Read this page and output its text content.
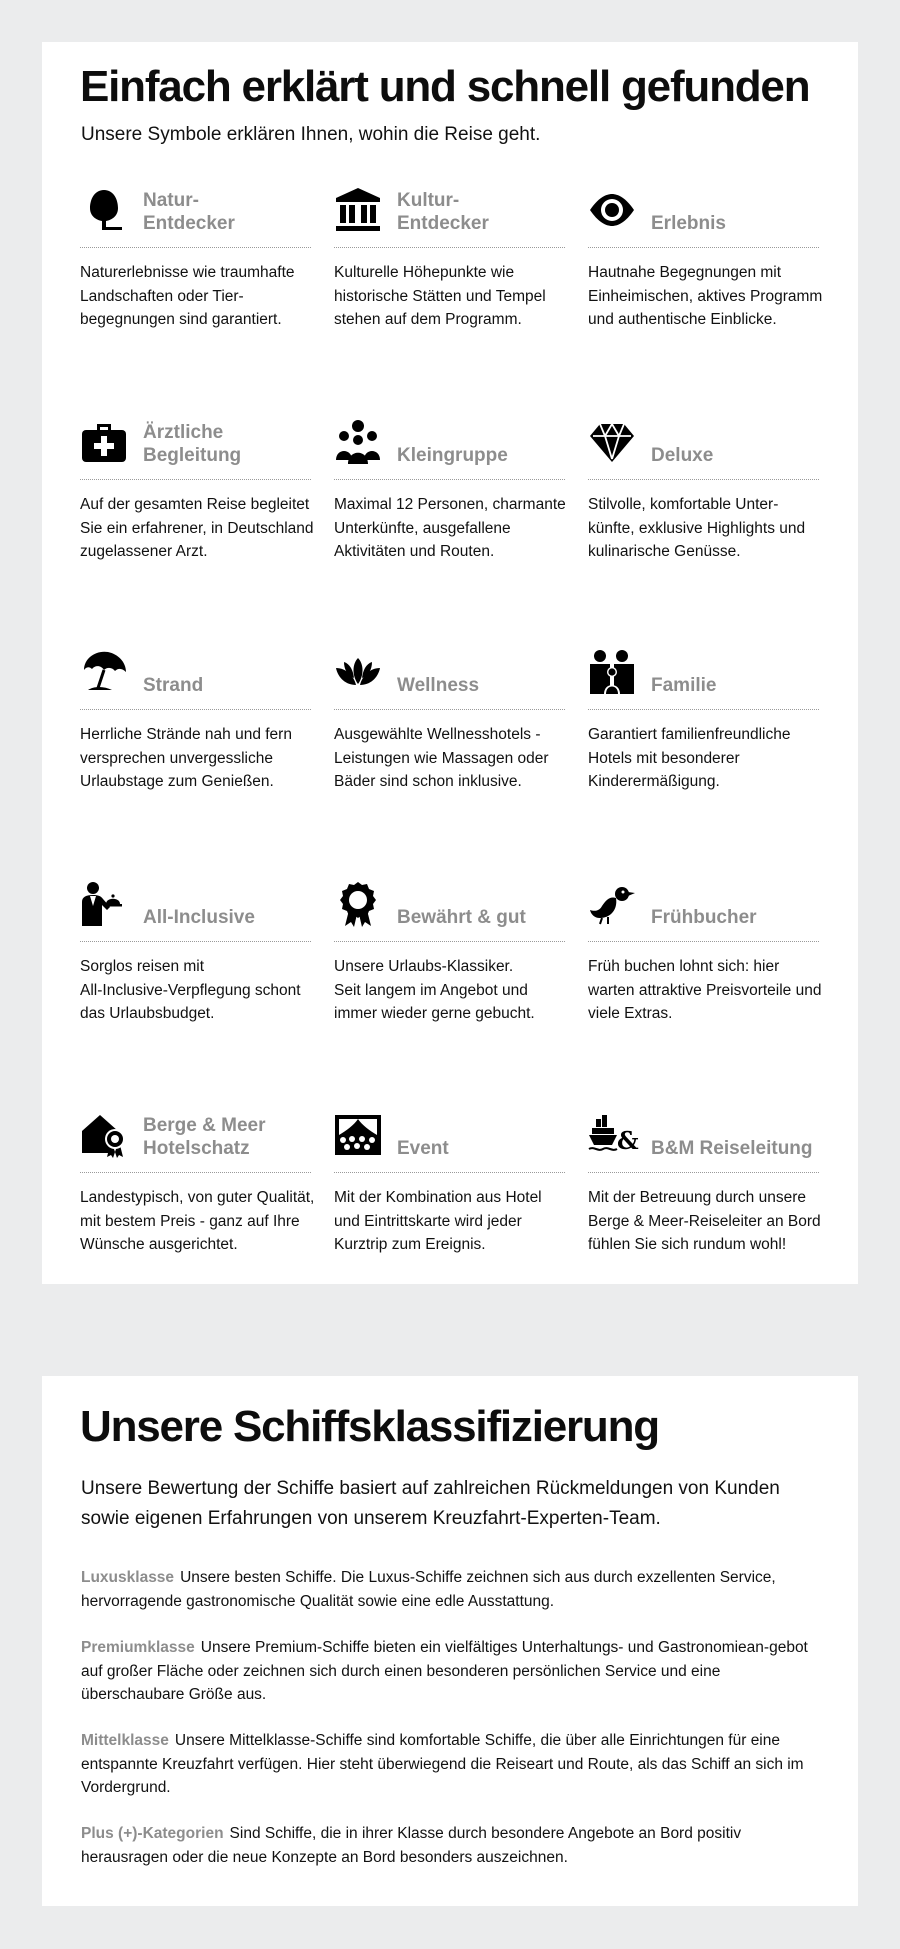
Einfach erklärt und schnell gefunden

Unsere Symbole erklären Ihnen, wohin die Reise geht.

Natur-
Entdecker
Naturerlebnisse wie traumhafte Landschaften oder Tier-begegnungen sind garantiert.
Kultur-
Entdecker
Kulturelle Höhepunkte wie historische Stätten und Tempel stehen auf dem Programm.
Erlebnis
Hautnahe Begegnungen mit Einheimischen, aktives Programm und authentische Einblicke.
Ärztliche
Begleitung
Auf der gesamten Reise begleitet Sie ein erfahrener, in Deutschland zugelassener Arzt.
Kleingruppe
Maximal 12 Personen, charmante Unterkünfte, ausgefallene Aktivitäten und Routen.
Deluxe
Stilvolle, komfortable Unter-künfte, exklusive Highlights und kulinarische Genüsse.
Strand
Herrliche Strände nah und fern versprechen unvergessliche Urlaubstage zum Genießen.
Wellness
Ausgewählte Wellnesshotels - Leistungen wie Massagen oder Bäder sind schon inklusive.
Familie
Garantiert familienfreundliche Hotels mit besonderer Kinderermäßigung.
All-Inclusive
Sorglos reisen mit
All-Inclusive-Verpflegung schont das Urlaubsbudget.
Bewährt & gut
Unsere Urlaubs-Klassiker.
Seit langem im Angebot und immer wieder gerne gebucht.
Frühbucher
Früh buchen lohnt sich: hier warten attraktive Preisvorteile und viele Extras.
Berge & Meer
Hotelschatz
Landestypisch, von guter Qualität, mit bestem Preis - ganz auf Ihre Wünsche ausgerichtet.
Event
Mit der Kombination aus Hotel und Eintrittskarte wird jeder Kurztrip zum Ereignis.
& B&M Reiseleitung
Mit der Betreuung durch unsere Berge & Meer-Reiseleiter an Bord fühlen Sie sich rundum wohl!
Unsere Schiffsklassifizierung

Unsere Bewertung der Schiffe basiert auf zahlreichen Rückmeldungen von Kunden sowie eigenen Erfahrungen von unserem Kreuzfahrt-Experten-Team.

Luxusklasse Unsere besten Schiffe. Die Luxus-Schiffe zeichnen sich aus durch exzellenten Service, hervorragende gastronomische Qualität sowie eine edle Ausstattung.

Premiumklasse Unsere Premium-Schiffe bieten ein vielfältiges Unterhaltungs- und Gastronomiean-gebot auf großer Fläche oder zeichnen sich durch einen besonderen persönlichen Service und eine überschaubare Größe aus.

Mittelklasse Unsere Mittelklasse-Schiffe sind komfortable Schiffe, die über alle Einrichtungen für eine entspannte Kreuzfahrt verfügen. Hier steht überwiegend die Reiseart und Route, als das Schiff an sich im Vordergrund.

Plus (+)-Kategorien Sind Schiffe, die in ihrer Klasse durch besondere Angebote an Bord positiv herausragen oder die neue Konzepte an Bord besonders auszeichnen.
